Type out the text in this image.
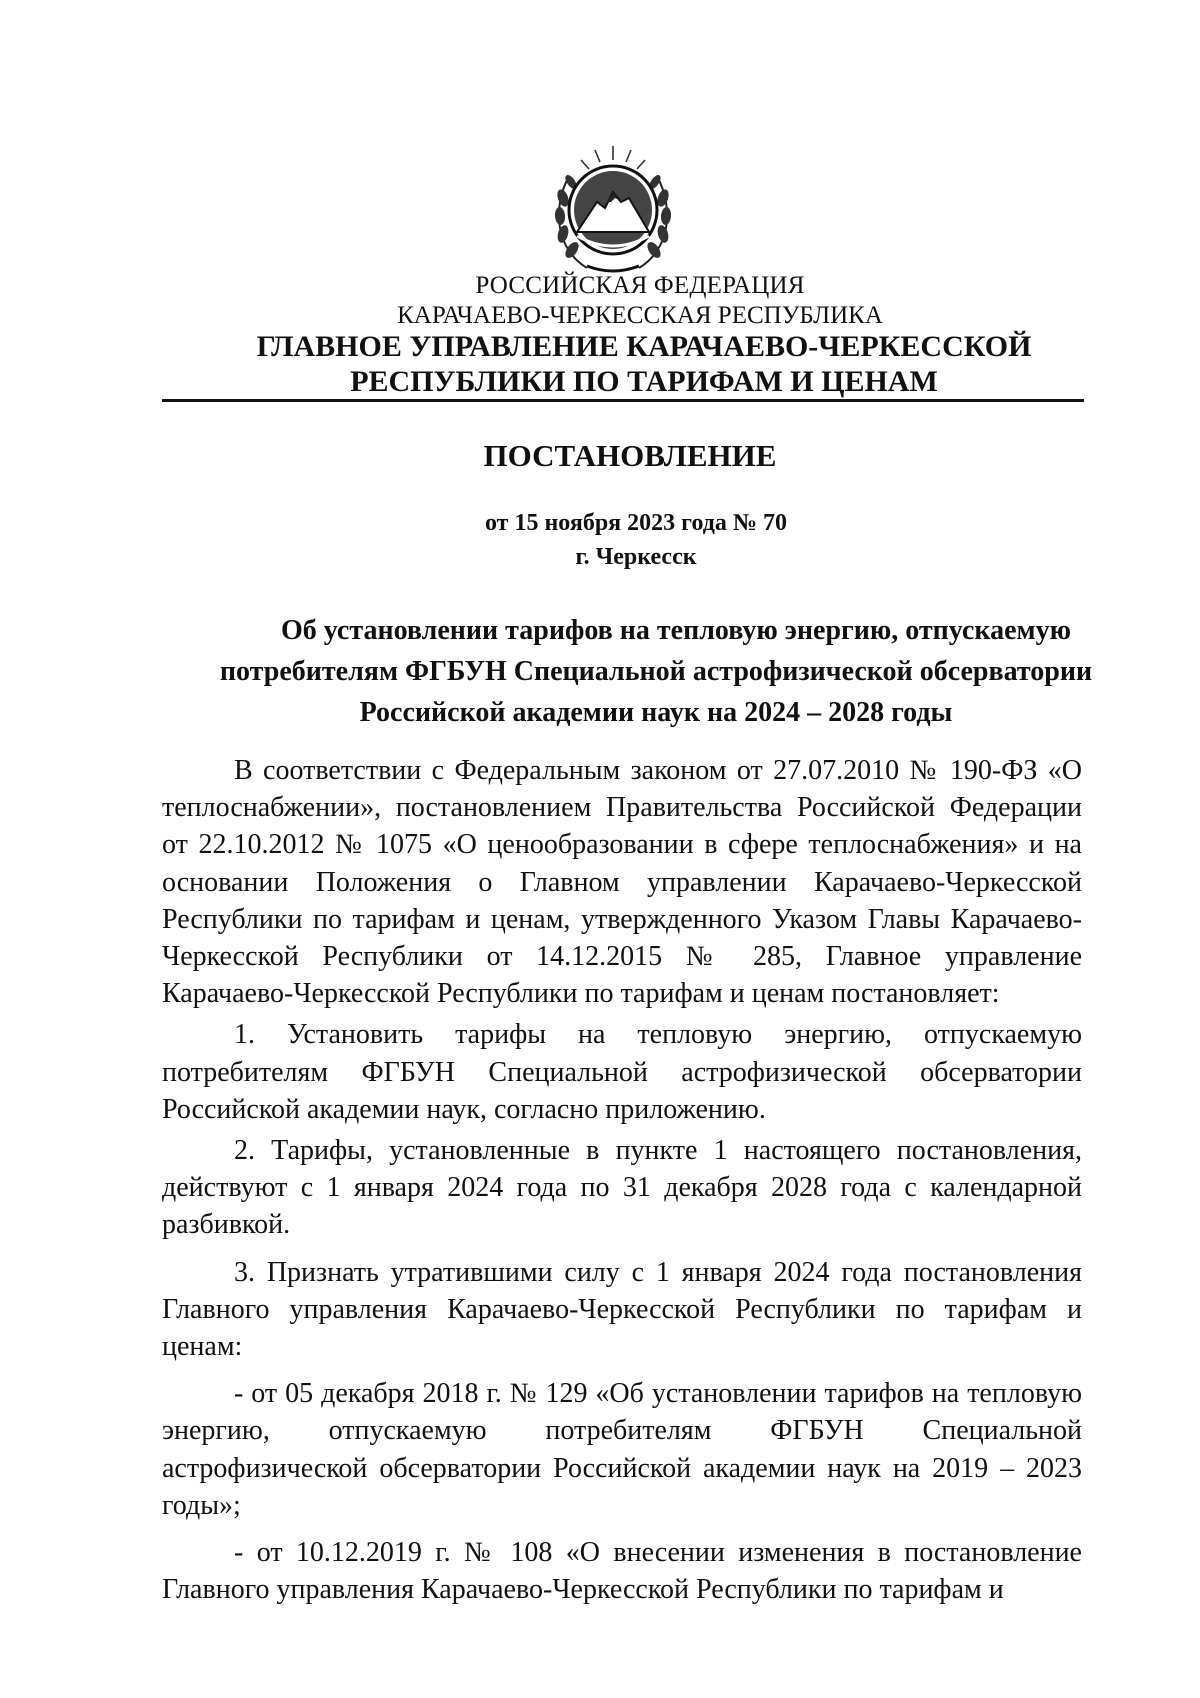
РОССИЙСКАЯ ФЕДЕРАЦИЯ
КАРАЧАЕВО-ЧЕРКЕССКАЯ РЕСПУБЛИКА
ГЛАВНОЕ УПРАВЛЕНИЕ КАРАЧАЕВО-ЧЕРКЕССКОЙ
РЕСПУБЛИКИ ПО ТАРИФАМ И ЦЕНАМ
ПОСТАНОВЛЕНИЕ
от 15 ноября 2023 года № 70
г. Черкесск
Об установлении тарифов на тепловую энергию, отпускаемую
потребителям ФГБУН Специальной астрофизической обсерватории
Российской академии наук на 2024 – 2028 годы

В соответствии с Федеральным законом от 27.07.2010 № 190-ФЗ «О теплоснабжении», постановлением Правительства Российской Федерации от 22.10.2012 № 1075 «О ценообразовании в сфере теплоснабжения» и на основании Положения о Главном управлении Карачаево-Черкесской Республики по тарифам и ценам, утвержденного Указом Главы Карачаево-Черкесской Республики от 14.12.2015 № 285, Главное управление Карачаево-Черкесской Республики по тарифам и ценам постановляет:

1. Установить тарифы на тепловую энергию, отпускаемую потребителям ФГБУН Специальной астрофизической обсерватории Российской академии наук, согласно приложению.

2. Тарифы, установленные в пункте 1 настоящего постановления, действуют с 1 января 2024 года по 31 декабря 2028 года с календарной разбивкой.

3. Признать утратившими силу с 1 января 2024 года постановления Главного управления Карачаево-Черкесской Республики по тарифам и ценам:

- от 05 декабря 2018 г. № 129 «Об установлении тарифов на тепловую энергию, отпускаемую потребителям ФГБУН Специальной астрофизической обсерватории Российской академии наук на 2019 – 2023 годы»;

- от 10.12.2019 г. № 108 «О внесении изменения в постановление Главного управления Карачаево-Черкесской Республики по тарифам и
